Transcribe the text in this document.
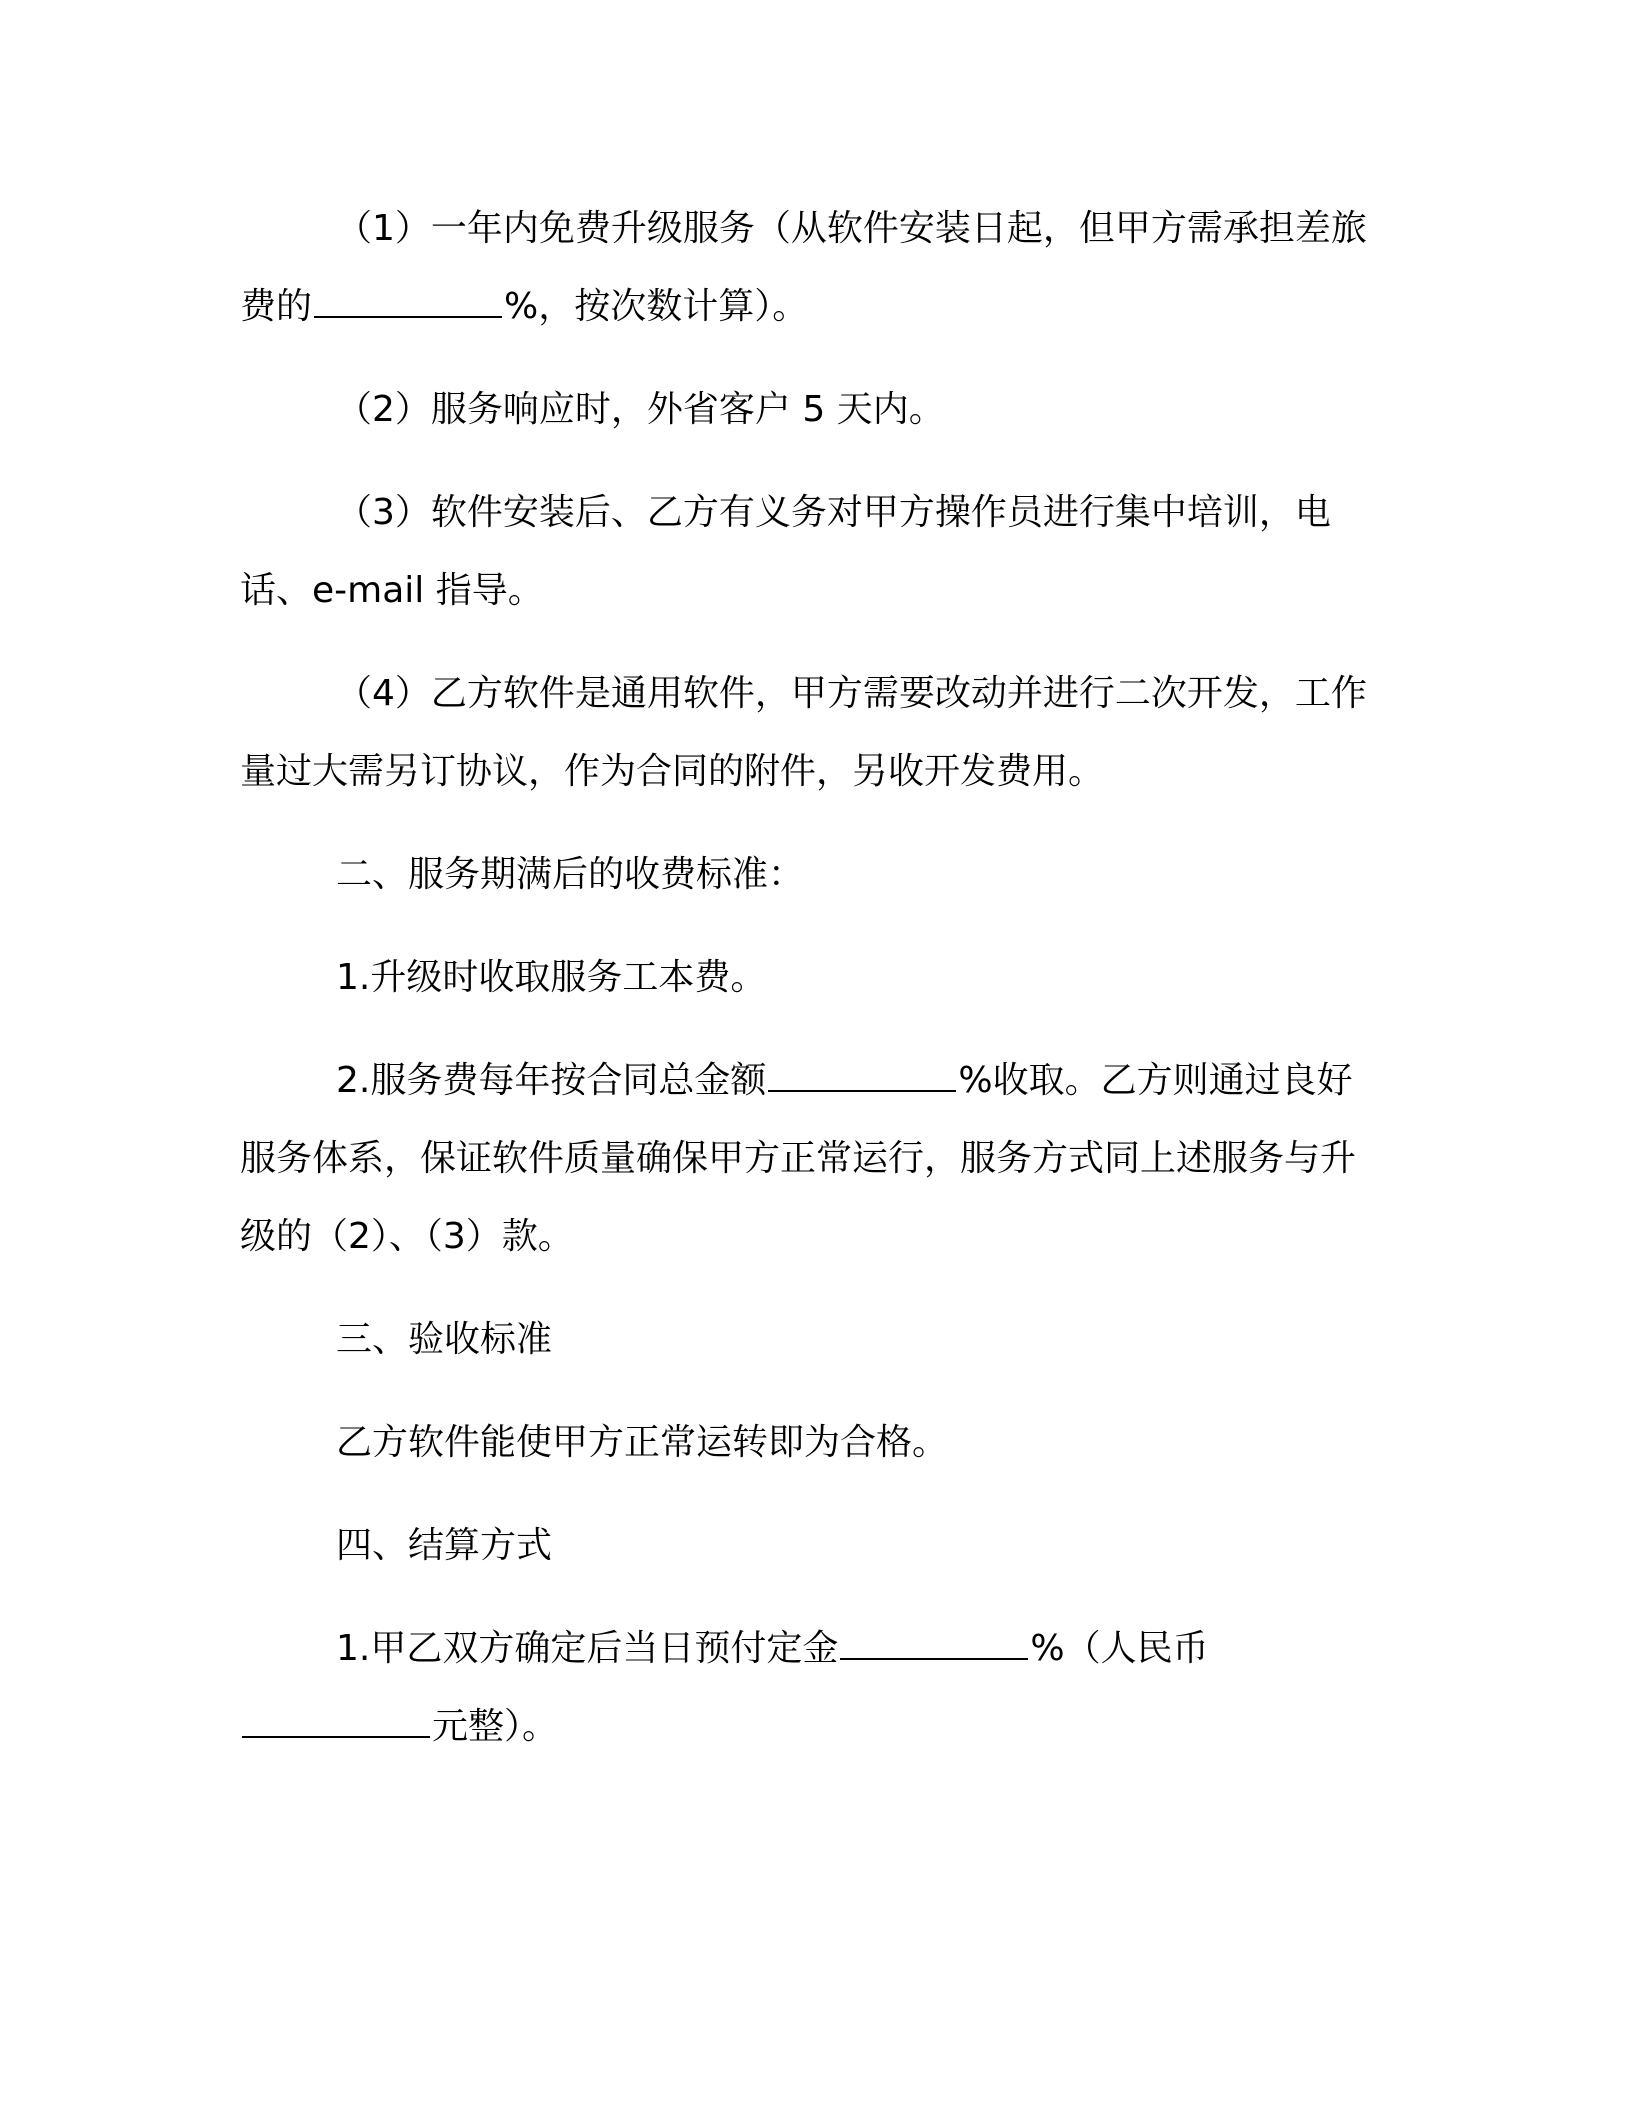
（1）一年内免费升级服务（从软件安装日起，但甲方需承担差旅费的	%，按次数计算）。

（2）服务响应时，外省客户 5 天内。

（3）软件安装后、乙方有义务对甲方操作员进行集中培训，电话、e-mail 指导。

（4）乙方软件是通用软件，甲方需要改动并进行二次开发，工作量过大需另订协议，作为合同的附件，另收开发费用。

二、服务期满后的收费标准：

1.升级时收取服务工本费。

2.服务费每年按合同总金额	%收取。乙方则通过良好服务体系，保证软件质量确保甲方正常运行，服务方式同上述服务与升级的（2）、（3）款。

三、验收标准

乙方软件能使甲方正常运转即为合格。

四、结算方式

1.甲乙双方确定后当日预付定金	%（人民币
元整）。
